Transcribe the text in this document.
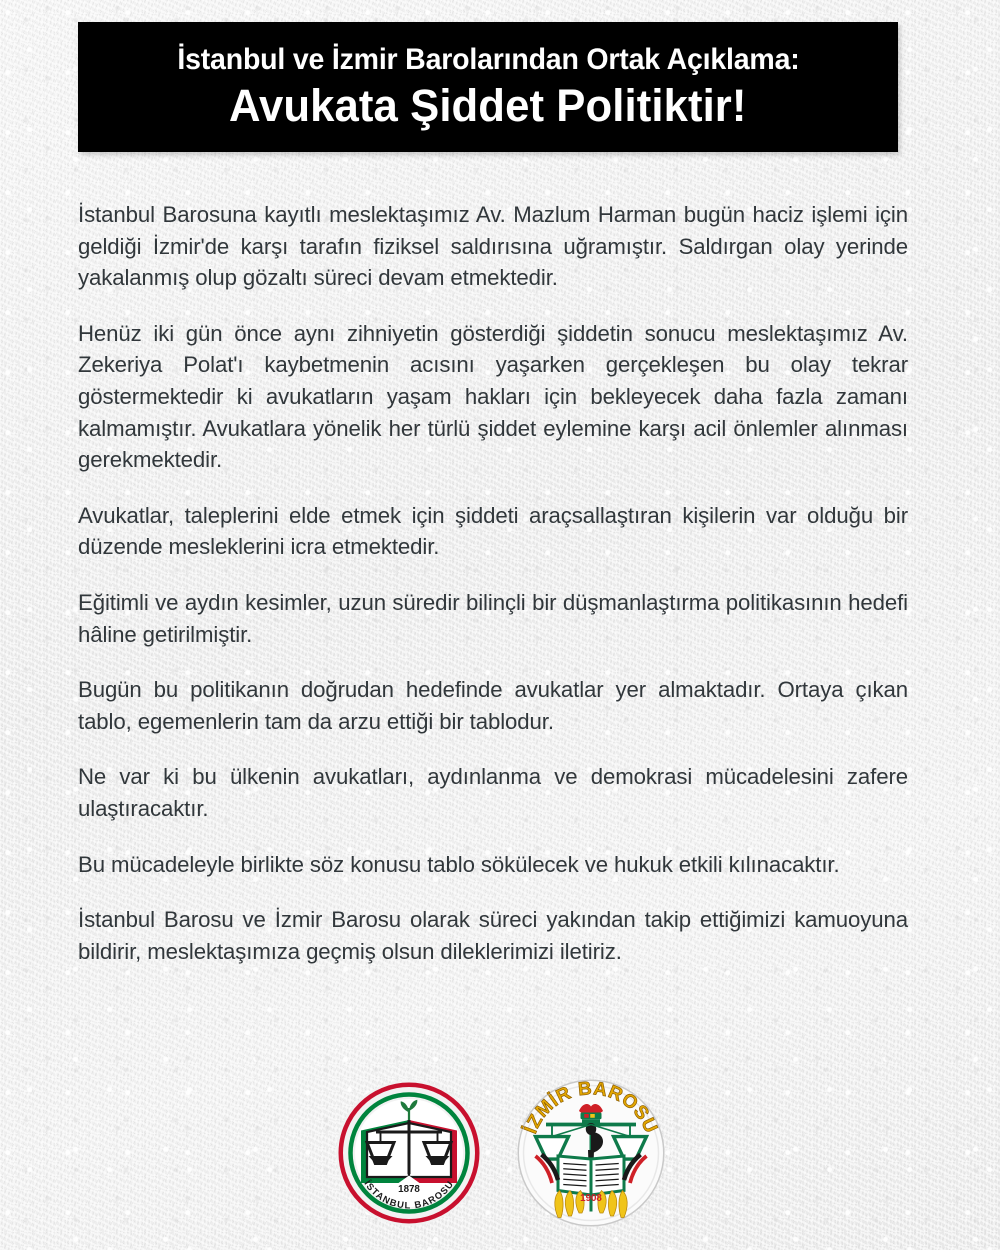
İstanbul ve İzmir Barolarından Ortak Açıklama:
Avukata Şiddet Politiktir!

İstanbul Barosuna kayıtlı meslektaşımız Av. Mazlum Harman bugün haciz işlemi için geldiği İzmir'de karşı tarafın fiziksel saldırısına uğramıştır. Saldırgan olay yerinde yakalanmış olup gözaltı süreci devam etmektedir.

Henüz iki gün önce aynı zihniyetin gösterdiği şiddetin sonucu meslektaşımız Av. Zekeriya Polat'ı kaybetmenin acısını yaşarken gerçekleşen bu olay tekrar göstermektedir ki avukatların yaşam hakları için bekleyecek daha fazla zamanı kalmamıştır. Avukatlara yönelik her türlü şiddet eylemine karşı acil önlemler alınması gerekmektedir.

Avukatlar, taleplerini elde etmek için şiddeti araçsallaştıran kişilerin var olduğu bir düzende mesleklerini icra etmektedir.

Eğitimli ve aydın kesimler, uzun süredir bilinçli bir düşmanlaştırma politikasının hedefi hâline getirilmiştir.

Bugün bu politikanın doğrudan hedefinde avukatlar yer almaktadır. Ortaya çıkan tablo, egemenlerin tam da arzu ettiği bir tablodur.

Ne var ki bu ülkenin avukatları, aydınlanma ve demokrasi mücadelesini zafere ulaştıracaktır.

Bu mücadeleyle birlikte söz konusu tablo sökülecek ve hukuk etkili kılınacaktır.

İstanbul Barosu ve İzmir Barosu olarak süreci yakından takip ettiğimizi kamuoyuna bildirir, meslektaşımıza geçmiş olsun dileklerimizi iletiriz.

1878
İSTANBUL BAROSU
İZMİR BAROSU
1908
